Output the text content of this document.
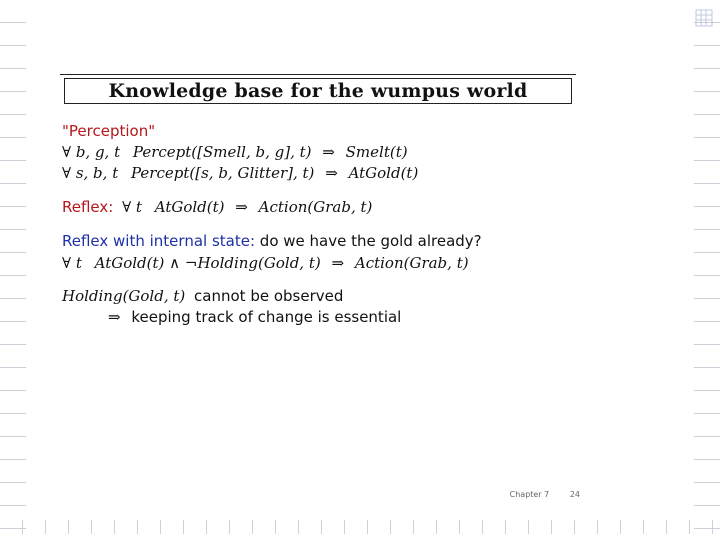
Knowledge base for the wumpus world
"Perception"
∀ b, g, t Percept([Smell, b, g], t) ⇒ Smelt(t)
∀ s, b, t Percept([s, b, Glitter], t) ⇒ AtGold(t)
Reflex: ∀ t AtGold(t) ⇒ Action(Grab, t)
Reflex with internal state: do we have the gold already?
∀ t AtGold(t) ∧ ¬Holding(Gold, t) ⇒ Action(Grab, t)
Holding(Gold, t) cannot be observed
⇒ keeping track of change is essential
Chapter 7	24
